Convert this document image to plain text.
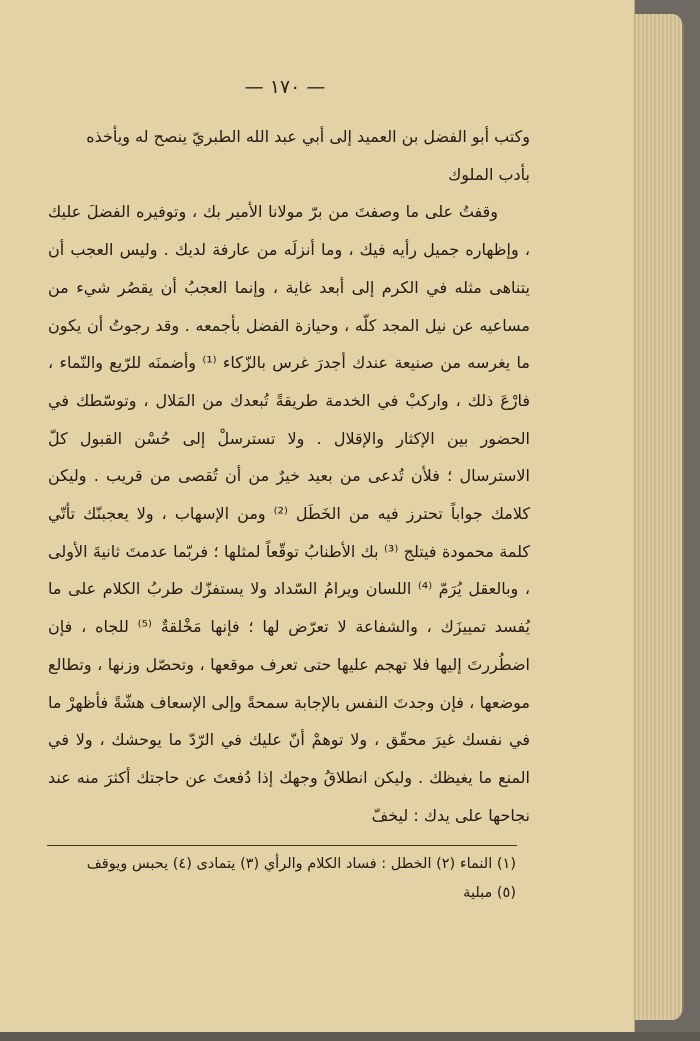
— ١٧٠ —

وكتب أبو الفضل بن العميد إلى أبي عبد الله الطبريّ ينصح له ويأخذه

بأدب الملوك

وقفتُ على ما وصفتَ من برّ مولانا الأمير بك ، وتوفيره الفضلَ عليك ، وإظهاره جميل رأيه فيك ، وما أنزلَه من عارفة لديك . وليس العجب أن يتناهى مثله في الكرم إلى أبعد غاية ، وإنما العجبُ أن يقصُر شيء من مساعيه عن نيل المجد كلّه ، وحيازة الفضل بأجمعه . وقد رجوتُ أن يكون ما يغرسه من صنيعة عندك أجدرَ غرس بالزّكاء ⁽¹⁾ وأضمنَه للرّيع والنّماء ، فارْعَ ذلك ، واركبْ في الخدمة طريقةً تُبعدك من المَلال ، وتوسّطك في الحضور بين الإكثار والإقلال . ولا تسترسلْ إلى حُسْن القبول كلّ الاسترسال ؛ فلأن تُدعى من بعيد خيرٌ من أن تُقصى من قريب . وليكن كلامك جواباً تحترز فيه من الخَطَل ⁽²⁾ ومن الإسهاب ، ولا يعجبنّك تأتّي كلمة محمودة فيتلج ⁽³⁾ بك الأطنابُ توقّعاً لمثلها ؛ فربّما عدمتَ ثانيةَ الأولى ، وبالعقل يُرَمّ ⁽⁴⁾ اللسان ويرامُ السّداد ولا يستفزّك طربُ الكلام على ما يُفسد تمييزَك ، والشفاعة لا تعرّض لها ؛ فإنها مَخْلقةٌ ⁽⁵⁾ للجاه ، فإن اضطُررتَ إليها فلا تهجم عليها حتى تعرف موقعها ، وتحصّل وزنها ، وتطالع موضعها ، فإن وجدتَ النفس بالإجابة سمحةً وإلى الإسعاف هشّةً فأظهرْ ما في نفسك غيرَ محقّق ، ولا توهمْ أنّ عليك في الرّدّ ما يوحشك ، ولا في المنع ما يغيظك . وليكن انطلاقُ وجهك إذا دُفعتَ عن حاجتك أكثرَ منه عند نجاحها على يدك : ليخفّ

(١) النماء (٢) الخطل : فساد الكلام والرأي (٣) يتمادى (٤) يحبس ويوقف
(٥) مبلية
